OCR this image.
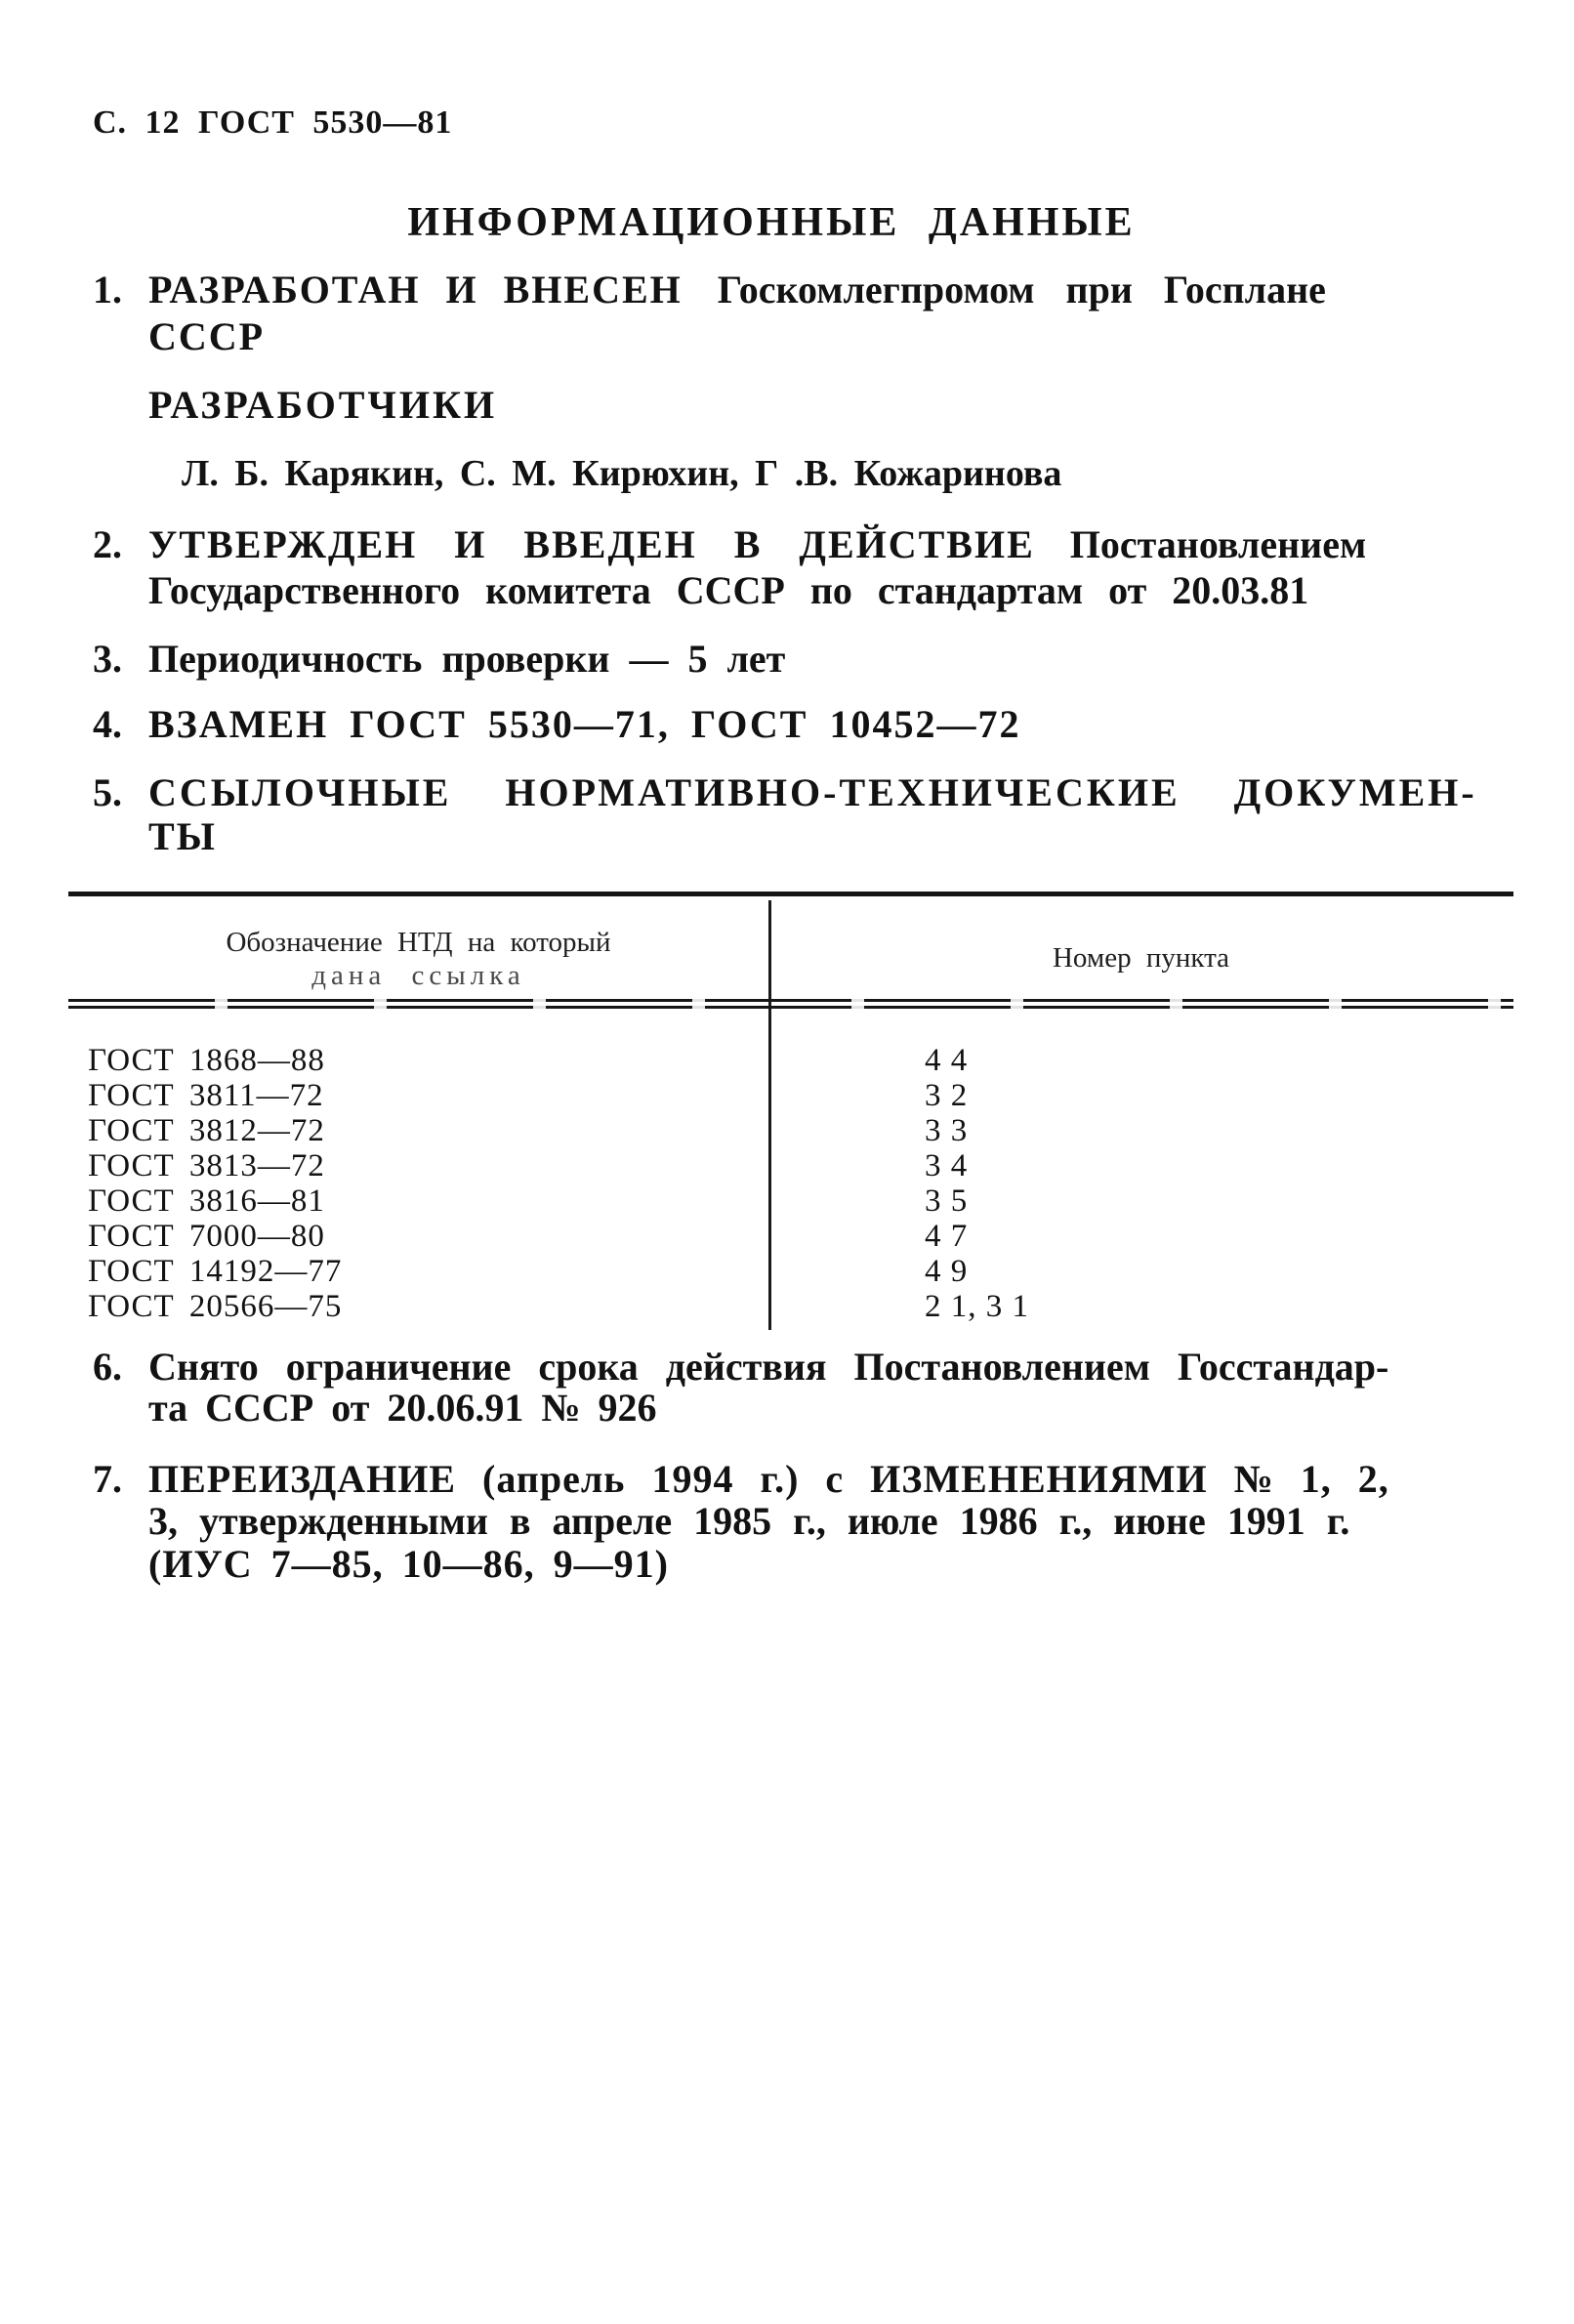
С. 12 ГОСТ 5530—81
ИНФОРМАЦИОННЫЕ ДАННЫЕ
1. РАЗРАБОТАН И ВНЕСЕН Госкомлегпромом при Госплане
СССР
РАЗРАБОТЧИКИ
Л. Б. Карякин, С. М. Кирюхин, Г .В. Кожаринова
2. УТВЕРЖДЕН И ВВЕДЕН В ДЕЙСТВИЕ Постановлением
Государственного комитета СССР по стандартам от 20.03.81
3. Периодичность проверки — 5 лет
4. ВЗАМЕН ГОСТ 5530—71, ГОСТ 10452—72
5. ССЫЛОЧНЫЕ НОРМАТИВНО-ТЕХНИЧЕСКИЕ ДОКУМЕН-
ТЫ
Обозначение НТД на который
дана ссылка
Номер пункта
ГОСТ 1868—88	4 4
ГОСТ 3811—72	3 2
ГОСТ 3812—72	3 3
ГОСТ 3813—72	3 4
ГОСТ 3816—81	3 5
ГОСТ 7000—80	4 7
ГОСТ 14192—77	4 9
ГОСТ 20566—75	2 1, 3 1
6. Снято ограничение срока действия Постановлением Госстандар-
та СССР от 20.06.91 № 926
7. ПЕРЕИЗДАНИЕ (апрель 1994 г.) с ИЗМЕНЕНИЯМИ № 1, 2,
3, утвержденными в апреле 1985 г., июле 1986 г., июне 1991 г.
(ИУС 7—85, 10—86, 9—91)
